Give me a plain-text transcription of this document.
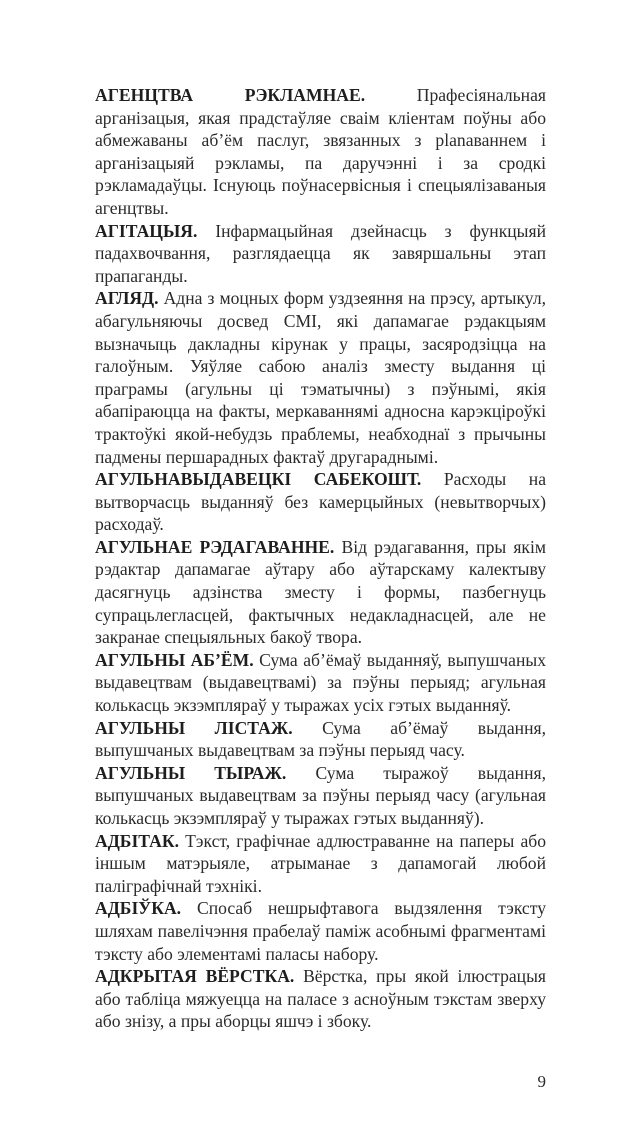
АГЕНЦТВА РЭКЛАМНАЕ.	Прафесіянальная арганізацыя, якая прадстаўляе сваім кліентам поўны або абмежаваны аб’ём паслуг, звязанных з planaваннем і арганізацыяй рэкламы, па даручэнні і за сродкі рэкламадаўцы. Існуюць поўнасервісныя і спецыялізаваныя агенцтвы.

АГІТАЦЫЯ. Інфармацыйная дзейнасць з функцыяй падахвочвання, разглядаецца як завяршальны этап прапаганды.

АГЛЯД. Адна з моцных форм уздзеяння на прэсу, артыкул, абагульняючы досвед СМІ, які дапамагае рэдакцыям вызначыць дакладны кірунак у працы, засяродзіцца на галоўным. Уяўляе сабою аналіз зместу выдання ці праграмы (агульны ці тэматычны) з пэўнымі, якія абапіраюцца на факты, меркаваннямі адносна карэкціроўкі трактоўкі якой-небудзь праблемы, неабходнаї з прычыны падмены першарадных фактаў другараднымі.

АГУЛЬНАВЫДАВЕЦКІ САБЕКОШТ. Расходы на вытворчасць выданняў без камерцыйных (невытворчых) расходаў.

АГУЛЬНАЕ РЭДАГАВАННЕ. Від рэдагавання, пры якім рэдактар дапамагае аўтару або аўтарскаму калектыву дасягнуць адзінства зместу і формы, пазбегнуць супрацьлегласцей, фактычных недакладнасцей, але не закранае спецыяльных бакоў твора.

АГУЛЬНЫ АБ’ЁМ. Сума аб’ёмаў выданняў, выпушчаных выдавецтвам (выдавецтвамі) за пэўны перыяд; агульная колькасць экзэмпляраў у тыражах усіх гэтых выданняў.

АГУЛЬНЫ ЛІСТАЖ. Сума аб’ёмаў выдання, выпушчаных выдавецтвам за пэўны перыяд часу.

АГУЛЬНЫ ТЫРАЖ. Сума тыражоў выдання, выпушчаных выдавецтвам за пэўны перыяд часу (агульная колькасць экзэмпляраў у тыражах гэтых выданняў).

АДБІТАК. Тэкст, графічнае адлюстраванне на паперы або іншым матэрыяле, атрыманае з дапамогай любой паліграфічнай тэхнікі.

АДБІЎКА. Спосаб нешрыфтавога выдзялення тэксту шляхам павелічэння прабелаў паміж асобнымі фрагментамі тэксту або элементамі паласы набору.

АДКРЫТАЯ ВЁРСТКА. Вёрстка, пры якой ілюстрацыя або табліца мяжуецца на паласе з асноўным тэкстам зверху або знізу, а пры аборцы яшчэ і збоку.

9
